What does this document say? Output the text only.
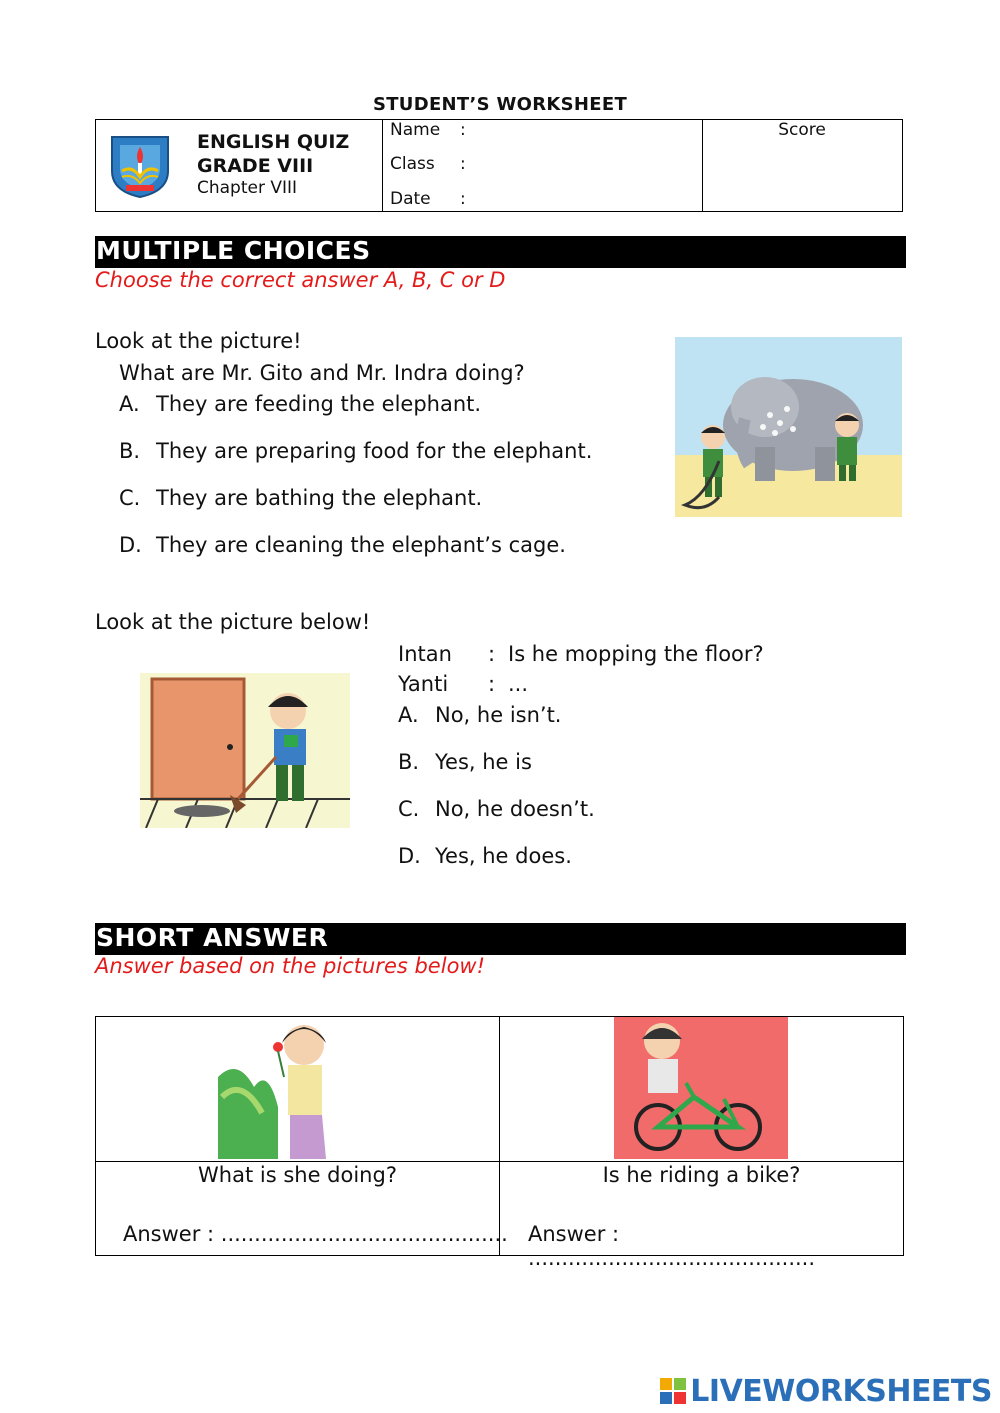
STUDENT’S WORKSHEET
ENGLISH QUIZ
GRADE VIII
Chapter VIII
Name :
Class :
Date :
Score
MULTIPLE CHOICES
Choose the correct answer A, B, C or D
Look at the picture!
What are Mr. Gito and Mr. Indra doing?
A. They are feeding the elephant.
B. They are preparing food for the elephant.
C. They are bathing the elephant.
D. They are cleaning the elephant’s cage.
Look at the picture below!
Intan : Is he mopping the floor?
Yanti : ...
A. No, he isn’t.
B. Yes, he is
C. No, he doesn’t.
D. Yes, he does.
SHORT ANSWER
Answer based on the pictures below!
What is she doing?	Is he riding a bike?
Answer : ........................................... Answer : ...........................................
LIVEWORKSHEETS
